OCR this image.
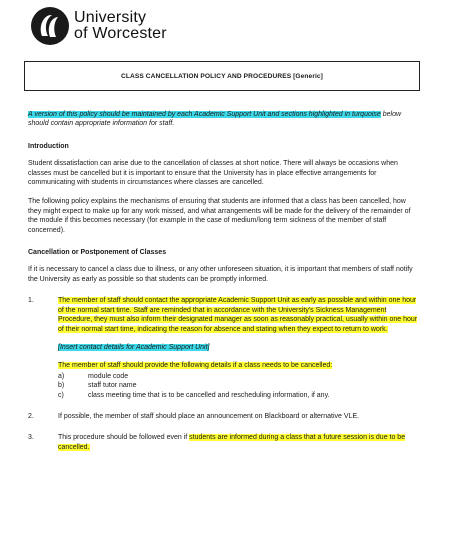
University
of Worcester
CLASS CANCELLATION POLICY AND PROCEDURES [Generic]

A version of this policy should be maintained by each Academic Support Unit and sections highlighted in turquoise below should contain appropriate information for staff.

Introduction

Student dissatisfaction can arise due to the cancellation of classes at short notice. There will always be occasions when classes must be cancelled but it is important to ensure that the University has in place effective arrangements for communicating with students in circumstances where classes are cancelled.

The following policy explains the mechanisms of ensuring that students are informed that a class has been cancelled, how they might expect to make up for any work missed, and what arrangements will be made for the delivery of the remainder of the module if this becomes necessary (for example in the case of medium/long term sickness of the member of staff concerned).

Cancellation or Postponement of Classes

If it is necessary to cancel a class due to illness, or any other unforeseen situation, it is important that members of staff notify the University as early as possible so that students can be promptly informed.

1.	The member of staff should contact the appropriate Academic Support Unit as early as possible and within one hour of the normal start time. Staff are reminded that in accordance with the University's Sickness Management Procedure, they must also inform their designated manager as soon as reasonably practical, usually within one hour of their normal start time, indicating the reason for absence and stating when they expect to return to work.

[Insert contact details for Academic Support Unit]

The member of staff should provide the following details if a class needs to be cancelled:

a)	module code
b)	staff tutor name
c)	class meeting time that is to be cancelled and rescheduling information, if any.
2.	If possible, the member of staff should place an announcement on Blackboard or alternative VLE.

3.	This procedure should be followed even if students are informed during a class that a future session is due to be cancelled.
